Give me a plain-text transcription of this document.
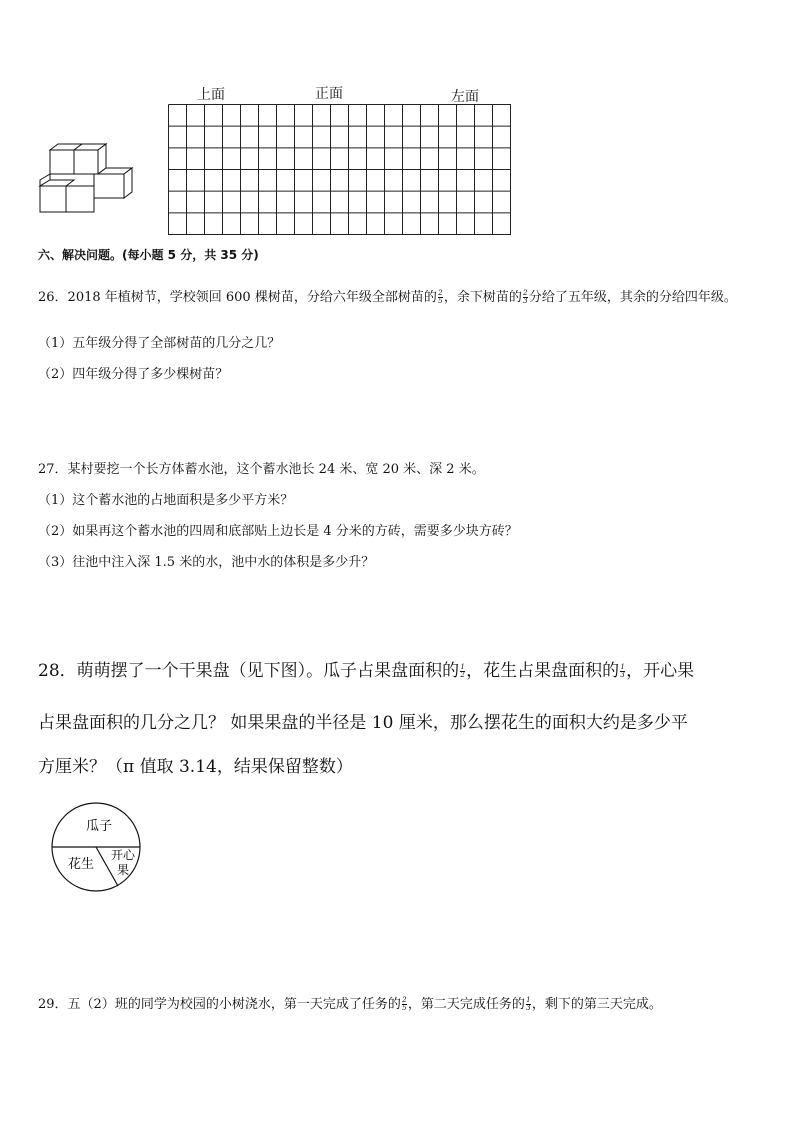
上面	正面	左面
六、解决问题。(每小题 5 分，共 35 分)
26．2018 年植树节，学校领回 600 棵树苗，分给六年级全部树苗的 $\frac{2}{5}$ ，余下树苗的 $\frac{2}{3}$ 分给了五年级，其余的分给四年级。
（1）五年级分得了全部树苗的几分之几？
（2）四年级分得了多少棵树苗？
27．某村要挖一个长方体蓄水池，这个蓄水池长 24 米、宽 20 米、深 2 米。
（1）这个蓄水池的占地面积是多少平方米？
（2）如果再这个蓄水池的四周和底部贴上边长是 4 分米的方砖，需要多少块方砖？
（3）往池中注入深 1.5 米的水，池中水的体积是多少升？
28．萌萌摆了一个干果盘（见下图）。瓜子占果盘面积的 $\frac{1}{2}$ ，花生占果盘面积的 $\frac{1}{3}$ ，开心果
占果盘面积的几分之几？ 如果果盘的半径是 10 厘米，那么摆花生的面积大约是多少平
方厘米？（π 值取 3.14，结果保留整数）
瓜子
花生
开心
果
29．五（2）班的同学为校园的小树浇水，第一天完成了任务的 $\frac{2}{5}$ ，第二天完成任务的 $\frac{1}{3}$ ，剩下的第三天完成。
